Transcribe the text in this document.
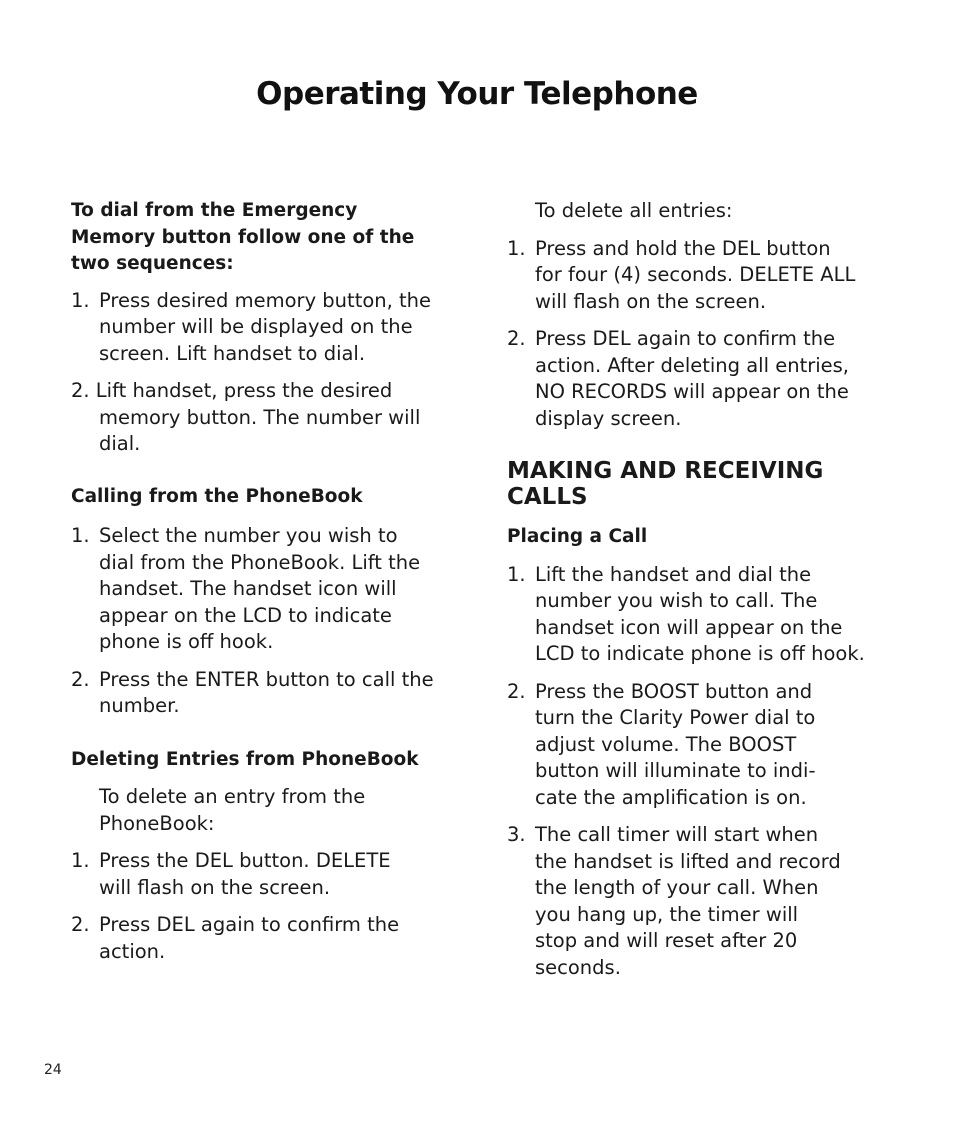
Operating Your Telephone

To dial from the Emergency
Memory button follow one of the
two sequences:

1. Press desired memory button, the
number will be displayed on the
screen. Lift handset to dial.

2. Lift handset, press the desired
memory button. The number will
dial.

Calling from the PhoneBook

1. Select the number you wish to
dial from the PhoneBook. Lift the
handset. The handset icon will
appear on the LCD to indicate
phone is off hook.
2. Press the ENTER button to call the
number.

Deleting Entries from PhoneBook

To delete an entry from the
PhoneBook:

1. Press the DEL button. DELETE
will flash on the screen.
2. Press DEL again to confirm the
action.

To delete all entries:

1. Press and hold the DEL button
for four (4) seconds. DELETE ALL
will flash on the screen.
2. Press DEL again to confirm the
action. After deleting all entries,
NO RECORDS will appear on the
display screen.

MAKING AND RECEIVING
CALLS

Placing a Call

1. Lift the handset and dial the
number you wish to call. The
handset icon will appear on the
LCD to indicate phone is off hook.
2. Press the BOOST button and
turn the Clarity Power dial to
adjust volume. The BOOST
button will illuminate to indi-
cate the amplification is on.
3. The call timer will start when
the handset is lifted and record
the length of your call. When
you hang up, the timer will
stop and will reset after 20
seconds.
24
